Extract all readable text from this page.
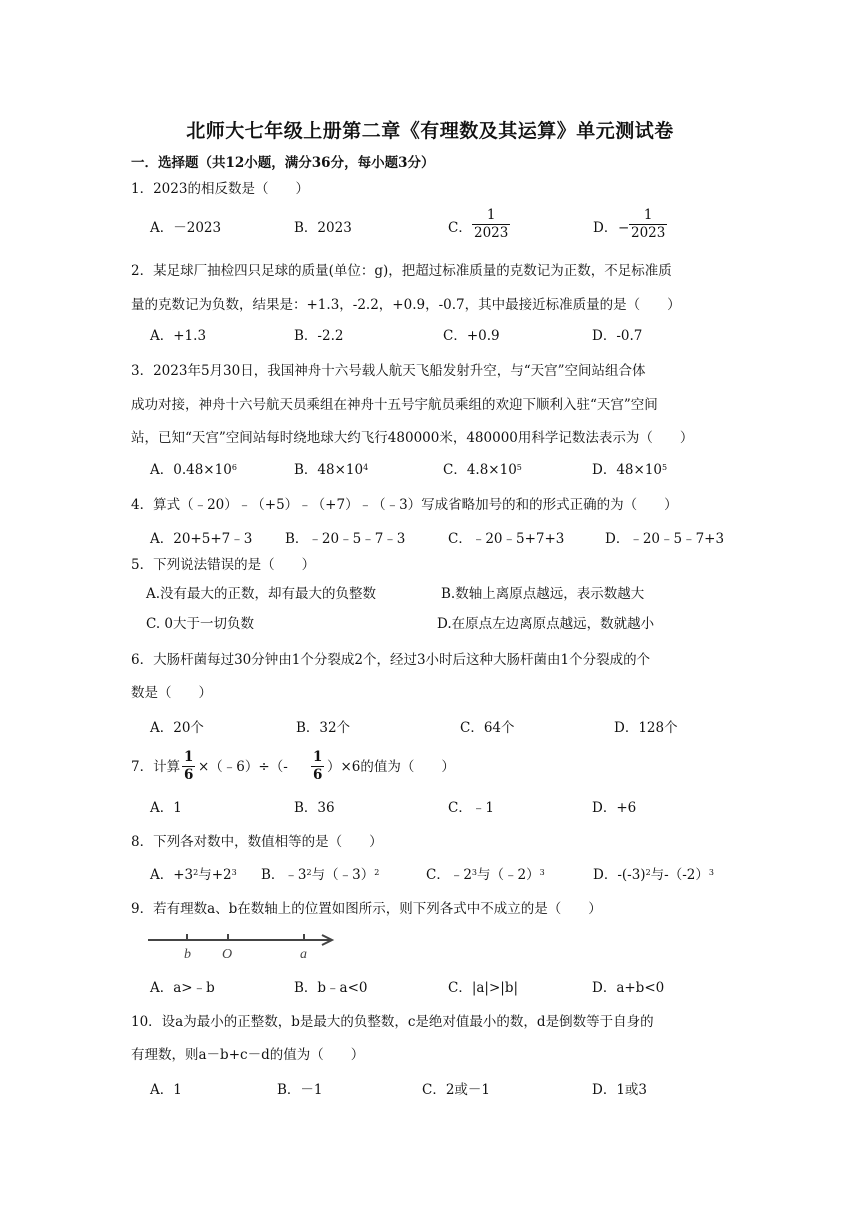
北师大七年级上册第二章《有理数及其运算》单元测试卷
一．选择题（共12小题，满分36分，每小题3分）
1．2023的相反数是（　　）
A．－2023	B．2023	C． $\frac{1}{2023}$	D． − $\frac{1}{2023}$
2．某足球厂抽检四只足球的质量(单位：g)，把超过标准质量的克数记为正数，不足标准质
量的克数记为负数，结果是：+1.3，-2.2，+0.9，-0.7，其中最接近标准质量的是（　　）
A．+1.3	B．-2.2	C．+0.9	D．-0.7
3．2023年5月30日，我国神舟十六号载人航天飞船发射升空，与“天宫”空间站组合体
成功对接，神舟十六号航天员乘组在神舟十五号宇航员乘组的欢迎下顺利入驻“天宫”空间
站，已知“天宫”空间站每时绕地球大约飞行480000米，480000用科学记数法表示为（　　）
A．$0.48\times 10^6$	B．$48\times 10^4$	C．$4.8\times 10^5$	D．$48\times 10^5$
4．算式（﹣20）﹣（+5）﹣（+7）﹣（﹣3）写成省略加号的和的形式正确的为（　　）
A．20+5+7﹣3 B．﹣20﹣5﹣7﹣3	C．﹣20﹣5+7+3	D．﹣20﹣5﹣7+3
5．下列说法错误的是（　　）
A.没有最大的正数，却有最大的负整数	B.数轴上离原点越远，表示数越大
C. 0大于一切负数	D.在原点左边离原点越远，数就越小
6．大肠杆菌每过30分钟由1个分裂成2个，经过3小时后这种大肠杆菌由1个分裂成的个
数是（　　）
A．20个	B．32个	C．64个	D．128个
7．计算 $\frac{1}{6}$ ×（﹣6）÷（- $\frac{1}{6} )\times 6$的值为（　　）
A．1	B．36	C．﹣1	D．+6
8．下列各对数中，数值相等的是（　　）
A．$+3^2$与$+2^3$ B．$﹣3^2$与（﹣3）$^2$	C．$﹣2^3$与（﹣2）$^3$	D．$-(-3)^2$与$-(-2)^3$
9．若有理数a、b在数轴上的位置如图所示，则下列各式中不成立的是（　　）
b O	a
A．a>﹣b	B．b﹣a<0	C．|a|>|b|	D．a+b<0
10．设a为最小的正整数，b是最大的负整数，c是绝对值最小的数，d是倒数等于自身的
有理数，则a－b+c－d的值为（　　）
A．1	B．－1	C．2或－1	D．1或3
